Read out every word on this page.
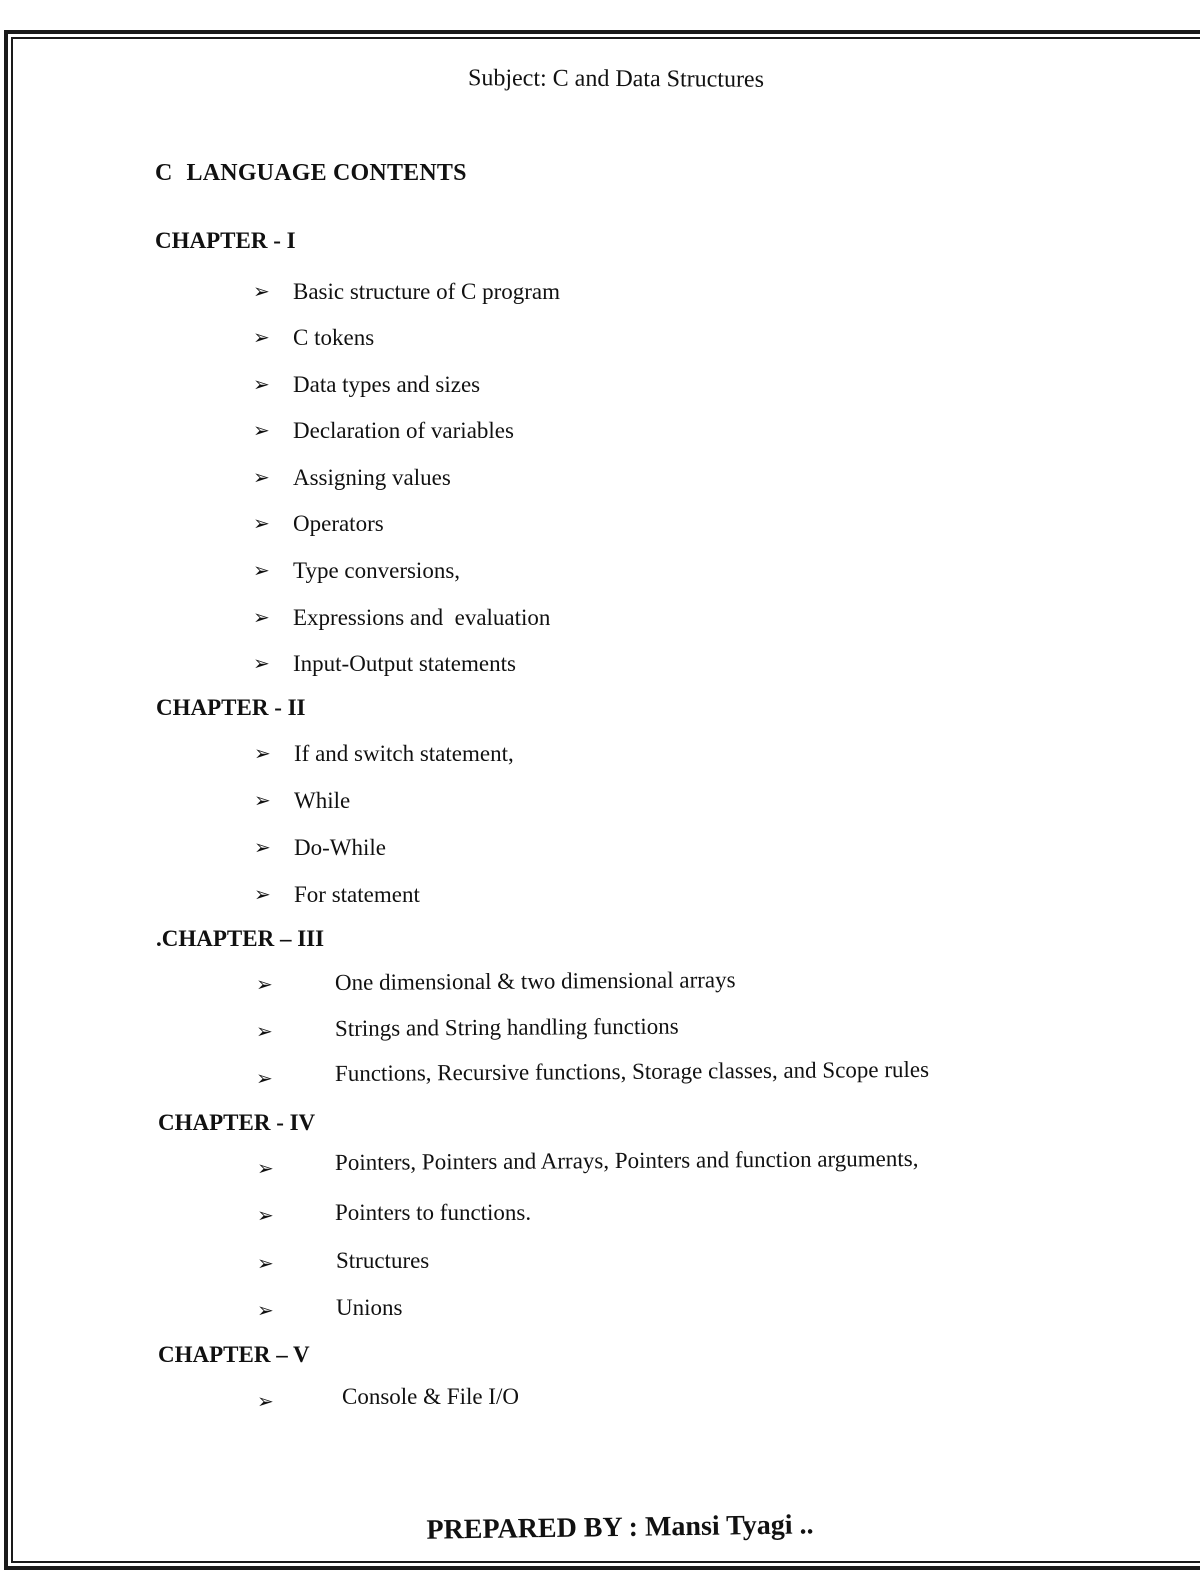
Subject: C and Data Structures
C LANGUAGE CONTENTS
CHAPTER - I
➢ Basic structure of C program
➢ C tokens
➢ Data types and sizes
➢ Declaration of variables
➢ Assigning values
➢ Operators
➢ Type conversions,
➢ Expressions and  evaluation
➢ Input-Output statements
CHAPTER - II
➢ If and switch statement,
➢ While
➢ Do-While
➢ For statement
.CHAPTER – III
➢	One dimensional & two dimensional arrays
➢	Strings and String handling functions
➢	Functions, Recursive functions, Storage classes, and Scope rules
CHAPTER - IV
➢	Pointers, Pointers and Arrays, Pointers and function arguments,
➢	Pointers to functions.
➢	Structures
➢	Unions
CHAPTER – V
➢	Console & File I/O
PREPARED BY : Mansi Tyagi ..
